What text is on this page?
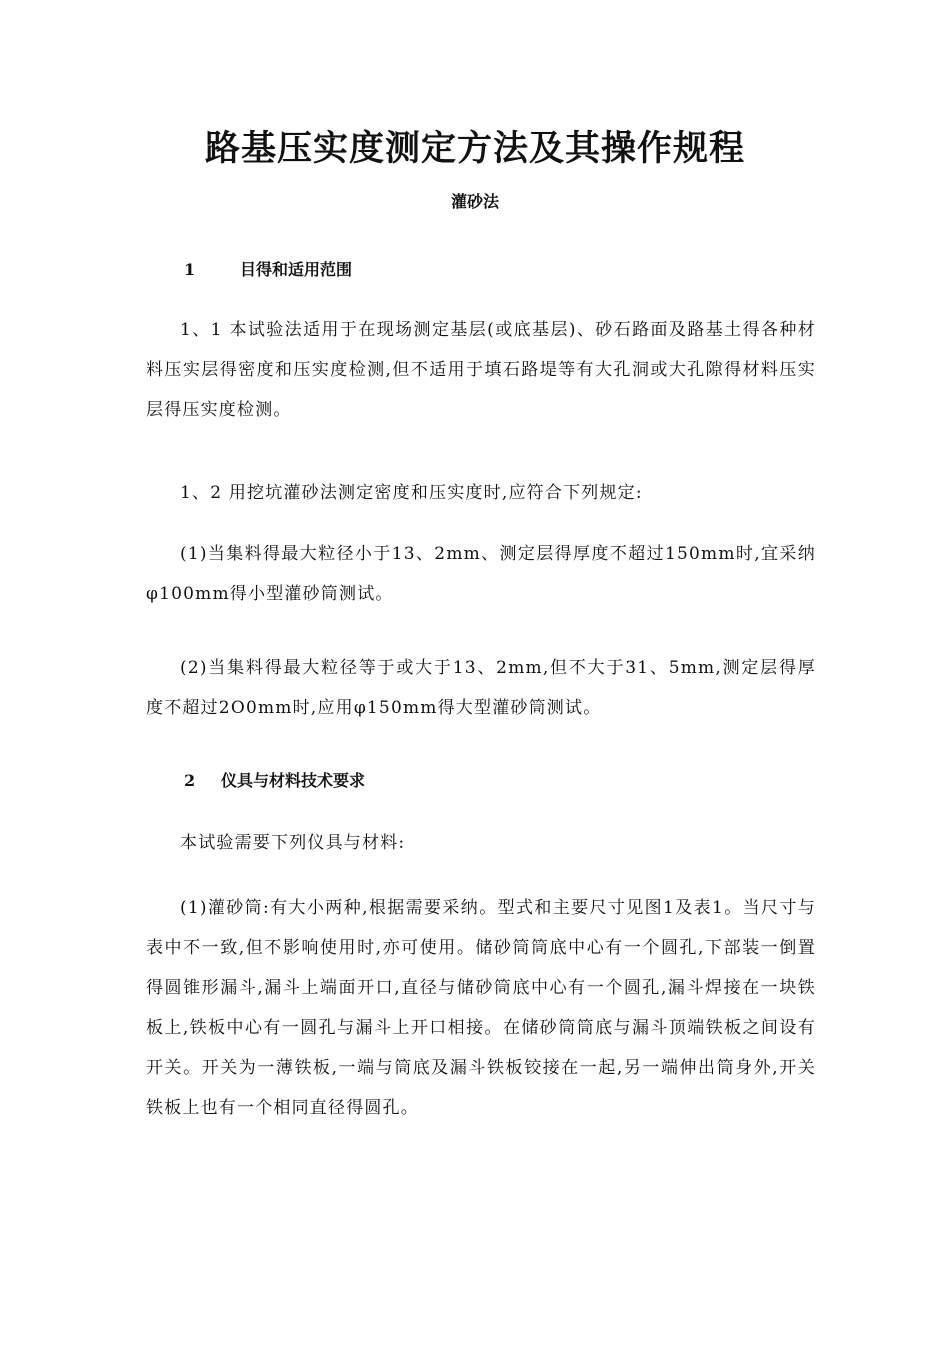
路基压实度测定方法及其操作规程
灌砂法
1	目得和适用范围

1、1 本试验法适用于在现场测定基层(或底基层)、砂石路面及路基土得各种材料压实层得密度和压实度检测,但不适用于填石路堤等有大孔洞或大孔隙得材料压实层得压实度检测。

1、2 用挖坑灌砂法测定密度和压实度时,应符合下列规定:

(1)当集料得最大粒径小于13、2mm、测定层得厚度不超过150mm时,宜采纳φ100mm得小型灌砂筒测试。

(2)当集料得最大粒径等于或大于13、2mm,但不大于31、5mm,测定层得厚度不超过2O0mm时,应用φ150mm得大型灌砂筒测试。

2 仪具与材料技术要求

本试验需要下列仪具与材料:

(1)灌砂筒:有大小两种,根据需要采纳。型式和主要尺寸见图1及表1。当尺寸与表中不一致,但不影响使用时,亦可使用。储砂筒筒底中心有一个圆孔,下部装一倒置得圆锥形漏斗,漏斗上端面开口,直径与储砂筒底中心有一个圆孔,漏斗焊接在一块铁板上,铁板中心有一圆孔与漏斗上开口相接。在储砂筒筒底与漏斗顶端铁板之间设有开关。开关为一薄铁板,一端与筒底及漏斗铁板铰接在一起,另一端伸出筒身外,开关铁板上也有一个相同直径得圆孔。
